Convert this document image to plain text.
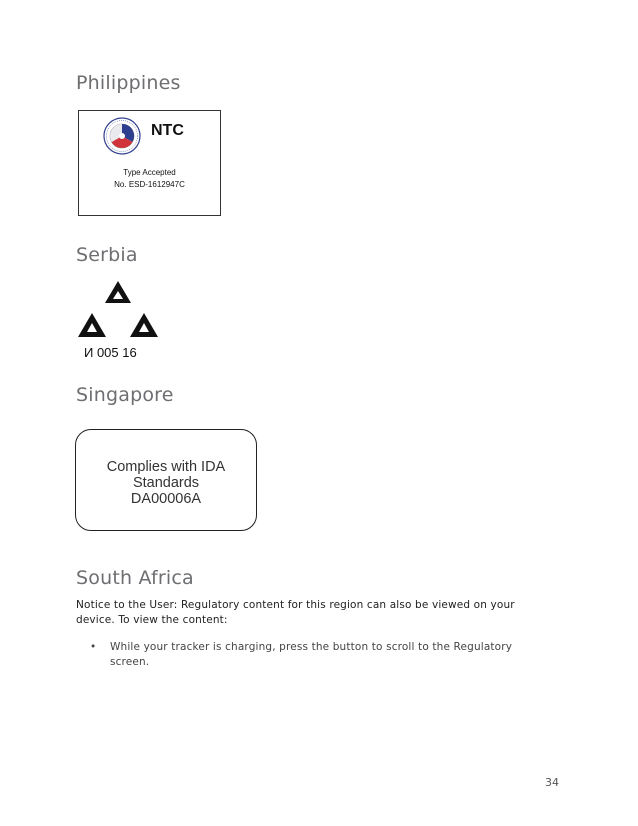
Philippines
NTC
Type Accepted
No. ESD-1612947C
Serbia
И 005 16
Singapore
Complies with IDA
Standards
DA00006A
South Africa

Notice to the User: Regulatory content for this region can also be viewed on your device. To view the content:

• While your tracker is charging, press the button to scroll to the Regulatory screen.
34
